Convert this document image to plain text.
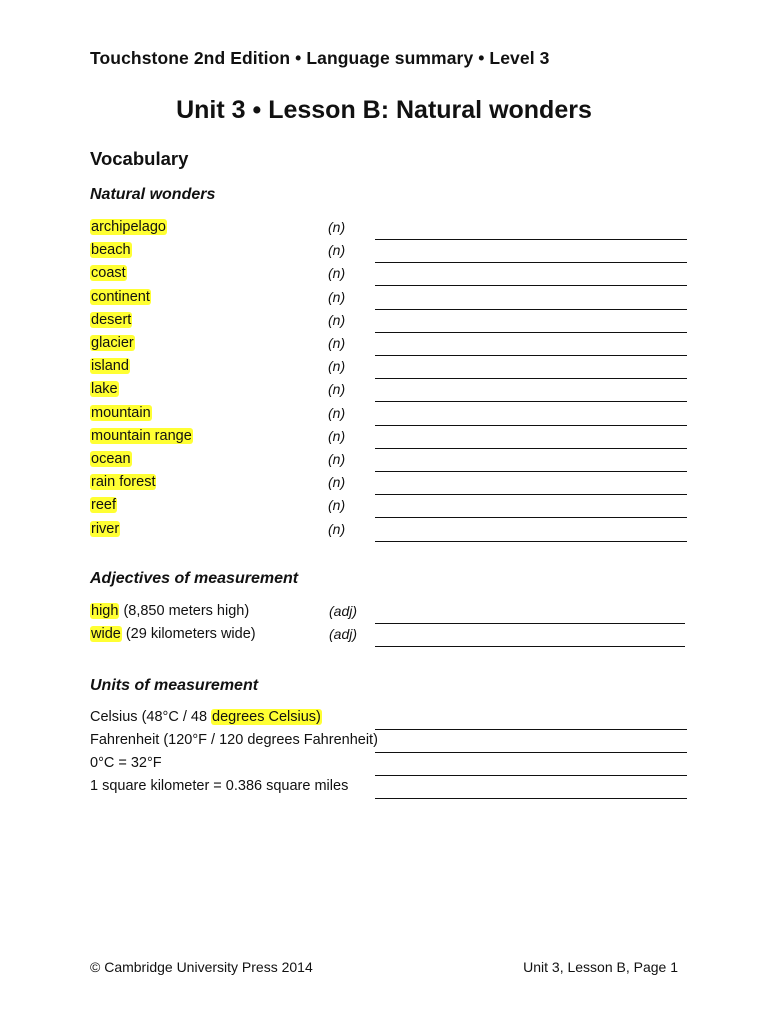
Touchstone 2nd Edition • Language summary • Level 3
Unit 3 • Lesson B: Natural wonders
Vocabulary
Natural wonders
archipelago	(n)
beach	(n)
coast	(n)
continent	(n)
desert	(n)
glacier	(n)
island	(n)
lake	(n)
mountain	(n)
mountain range	(n)
ocean	(n)
rain forest	(n)
reef	(n)
river	(n)
Adjectives of measurement
high (8,850 meters high)	(adj)
wide (29 kilometers wide)	(adj)
Units of measurement
Celsius (48°C / 48 degrees Celsius)
Fahrenheit (120°F / 120 degrees Fahrenheit)
0°C = 32°F
1 square kilometer = 0.386 square miles
© Cambridge University Press 2014	Unit 3, Lesson B, Page 1
